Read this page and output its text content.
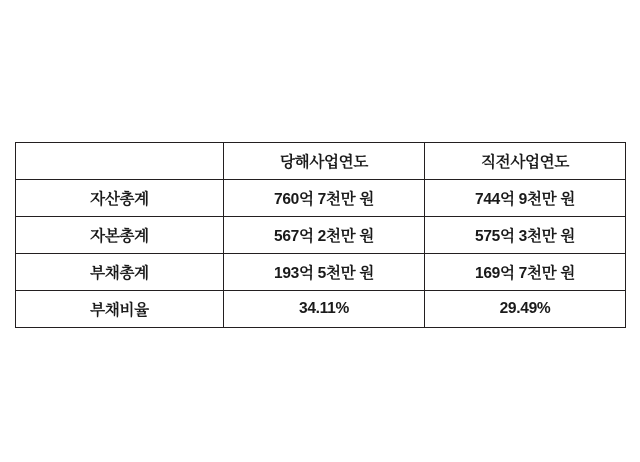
	당해사업연도	직전사업연도
자산총계	760억 7천만 원	744억 9천만 원
자본총계	567억 2천만 원	575억 3천만 원
부채총계	193억 5천만 원	169억 7천만 원
부채비율	34.11%	29.49%
